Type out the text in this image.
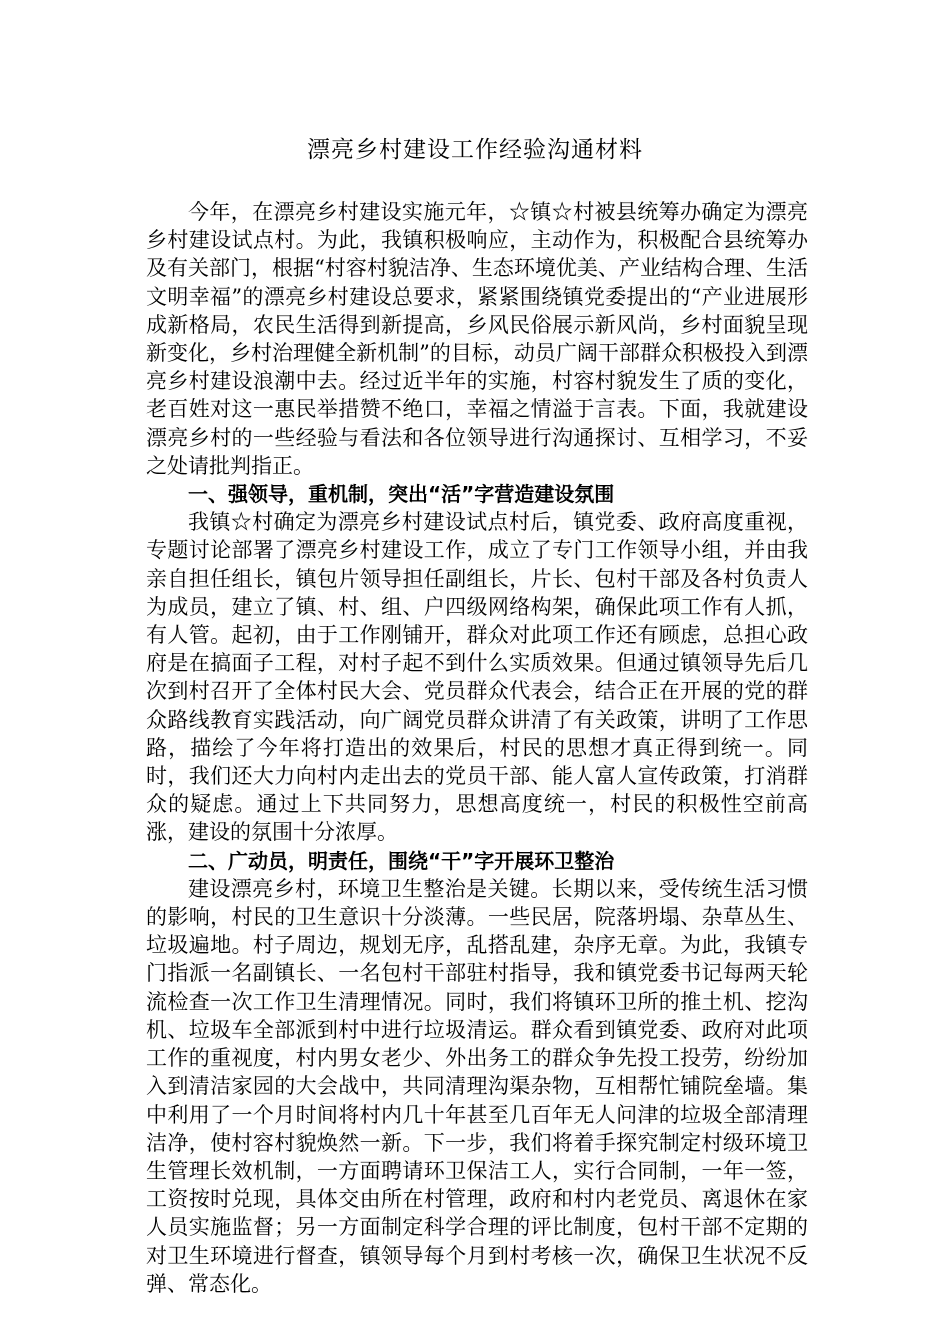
漂亮乡村建设工作经验沟通材料

今年，在漂亮乡村建设实施元年，☆镇☆村被县统筹办确定为漂亮乡村建设试点村。为此，我镇积极响应，主动作为，积极配合县统筹办及有关部门，根据“村容村貌洁净、生态环境优美、产业结构合理、生活文明幸福”的漂亮乡村建设总要求，紧紧围绕镇党委提出的“产业进展形成新格局，农民生活得到新提高，乡风民俗展示新风尚，乡村面貌呈现新变化，乡村治理健全新机制”的目标，动员广阔干部群众积极投入到漂亮乡村建设浪潮中去。经过近半年的实施，村容村貌发生了质的变化，老百姓对这一惠民举措赞不绝口，幸福之情溢于言表。下面，我就建设漂亮乡村的一些经验与看法和各位领导进行沟通探讨、互相学习，不妥之处请批判指正。

一、强领导，重机制，突出“活”字营造建设氛围

我镇☆村确定为漂亮乡村建设试点村后，镇党委、政府高度重视，专题讨论部署了漂亮乡村建设工作，成立了专门工作领导小组，并由我亲自担任组长，镇包片领导担任副组长，片长、包村干部及各村负责人为成员，建立了镇、村、组、户四级网络构架，确保此项工作有人抓，有人管。起初，由于工作刚铺开，群众对此项工作还有顾虑，总担心政府是在搞面子工程，对村子起不到什么实质效果。但通过镇领导先后几次到村召开了全体村民大会、党员群众代表会，结合正在开展的党的群众路线教育实践活动，向广阔党员群众讲清了有关政策，讲明了工作思路，描绘了今年将打造出的效果后，村民的思想才真正得到统一。同时，我们还大力向村内走出去的党员干部、能人富人宣传政策，打消群众的疑虑。通过上下共同努力，思想高度统一，村民的积极性空前高涨，建设的氛围十分浓厚。

二、广动员，明责任，围绕“干”字开展环卫整治

建设漂亮乡村，环境卫生整治是关键。长期以来，受传统生活习惯的影响，村民的卫生意识十分淡薄。一些民居，院落坍塌、杂草丛生、垃圾遍地。村子周边，规划无序，乱搭乱建，杂序无章。为此，我镇专门指派一名副镇长、一名包村干部驻村指导，我和镇党委书记每两天轮流检查一次工作卫生清理情况。同时，我们将镇环卫所的推土机、挖沟机、垃圾车全部派到村中进行垃圾清运。群众看到镇党委、政府对此项工作的重视度，村内男女老少、外出务工的群众争先投工投劳，纷纷加入到清洁家园的大会战中，共同清理沟渠杂物，互相帮忙铺院垒墙。集中利用了一个月时间将村内几十年甚至几百年无人问津的垃圾全部清理洁净，使村容村貌焕然一新。下一步，我们将着手探究制定村级环境卫生管理长效机制，一方面聘请环卫保洁工人，实行合同制，一年一签，工资按时兑现，具体交由所在村管理，政府和村内老党员、离退休在家人员实施监督；另一方面制定科学合理的评比制度，包村干部不定期的对卫生环境进行督查，镇领导每个月到村考核一次，确保卫生状况不反弹、常态化。
